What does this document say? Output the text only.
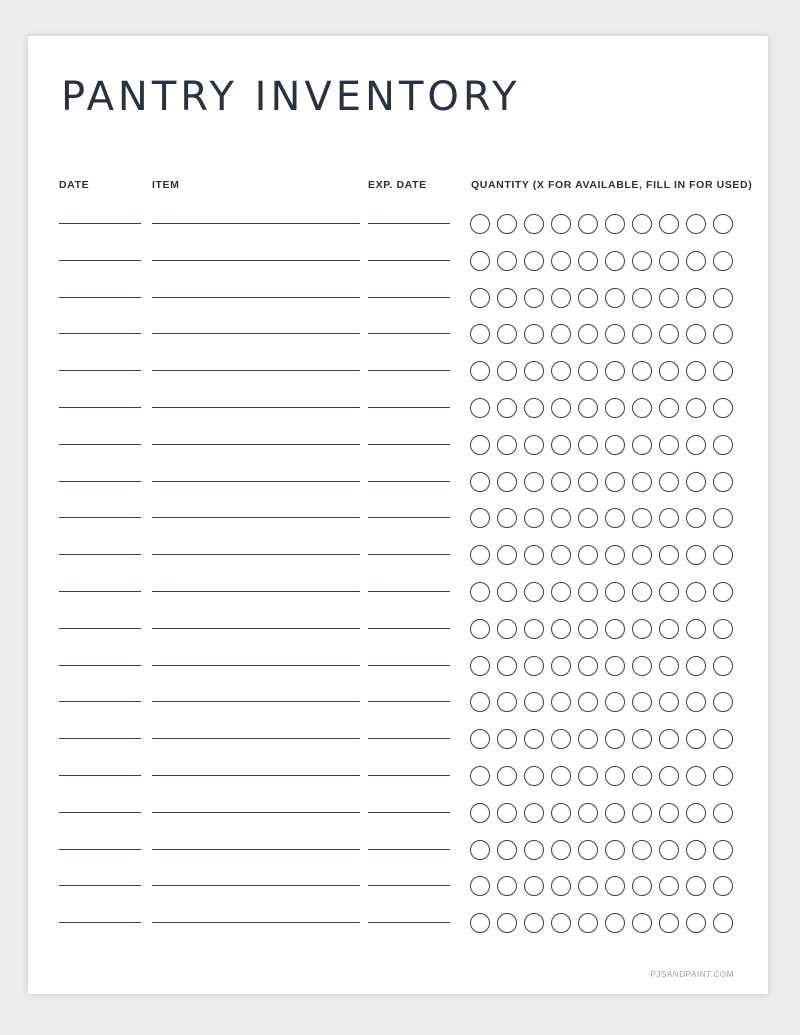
PANTRY INVENTORY
DATE	ITEM	EXP. DATE	QUANTITY (X FOR AVAILABLE, FILL IN FOR USED)
PJSANDPAINT.COM
